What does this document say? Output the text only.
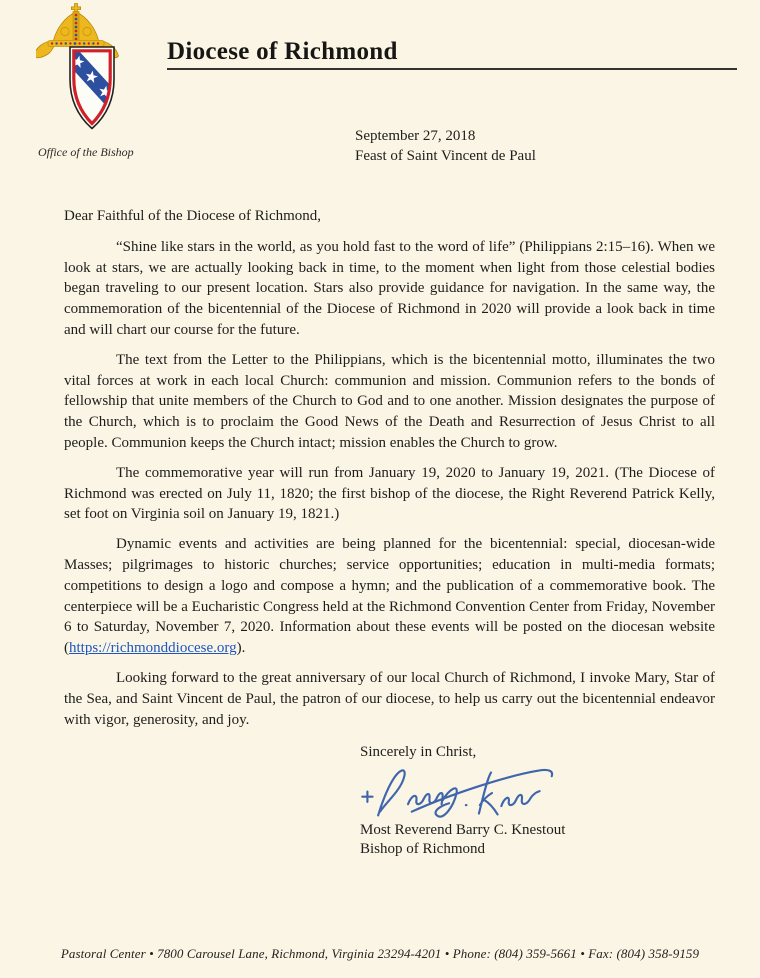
Diocese of Richmond
Office of the Bishop
September 27, 2018
Feast of Saint Vincent de Paul

Dear Faithful of the Diocese of Richmond,

“Shine like stars in the world, as you hold fast to the word of life” (Philippians 2:15–16). When we look at stars, we are actually looking back in time, to the moment when light from those celestial bodies began traveling to our present location. Stars also provide guidance for navigation. In the same way, the commemoration of the bicentennial of the Diocese of Richmond in 2020 will provide a look back in time and will chart our course for the future.

The text from the Letter to the Philippians, which is the bicentennial motto, illuminates the two vital forces at work in each local Church: communion and mission. Communion refers to the bonds of fellowship that unite members of the Church to God and to one another. Mission designates the purpose of the Church, which is to proclaim the Good News of the Death and Resurrection of Jesus Christ to all people. Communion keeps the Church intact; mission enables the Church to grow.

The commemorative year will run from January 19, 2020 to January 19, 2021. (The Diocese of Richmond was erected on July 11, 1820; the first bishop of the diocese, the Right Reverend Patrick Kelly, set foot on Virginia soil on January 19, 1821.)

Dynamic events and activities are being planned for the bicentennial: special, diocesan-wide Masses; pilgrimages to historic churches; service opportunities; education in multi-media formats; competitions to design a logo and compose a hymn; and the publication of a commemorative book. The centerpiece will be a Eucharistic Congress held at the Richmond Convention Center from Friday, November 6 to Saturday, November 7, 2020. Information about these events will be posted on the diocesan website (https://richmonddiocese.org).

Looking forward to the great anniversary of our local Church of Richmond, I invoke Mary, Star of the Sea, and Saint Vincent de Paul, the patron of our diocese, to help us carry out the bicentennial endeavor with vigor, generosity, and joy.

Sincerely in Christ,

Most Reverend Barry C. Knestout

Bishop of Richmond

Pastoral Center • 7800 Carousel Lane, Richmond, Virginia 23294-4201 • Phone: (804) 359-5661 • Fax: (804) 358-9159
